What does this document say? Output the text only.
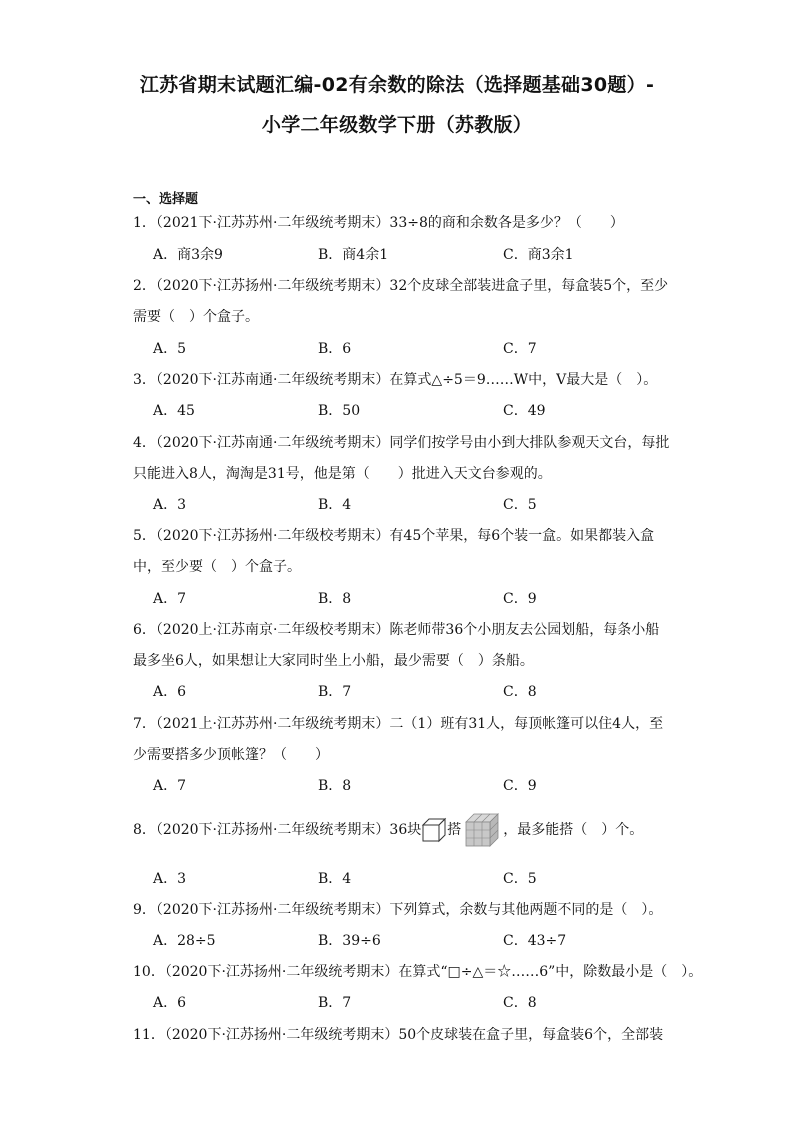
江苏省期末试题汇编-02有余数的除法（选择题基础30题）-
小学二年级数学下册（苏教版）
一、选择题
1．（2021下·江苏苏州·二年级统考期末）33÷8的商和余数各是多少？（　　）
A．商3余9	B．商4余1	C．商3余1
2．（2020下·江苏扬州·二年级统考期末）32个皮球全部装进盒子里，每盒装5个，至少
需要（　）个盒子。
A．5	B．6	C．7
3．（2020下·江苏南通·二年级统考期末）在算式△÷5＝9……W中，V最大是（　）。
A．45	B．50	C．49
4．（2020下·江苏南通·二年级统考期末）同学们按学号由小到大排队参观天文台，每批
只能进入8人，淘淘是31号，他是第（　　）批进入天文台参观的。
A．3	B．4	C．5
5．（2020下·江苏扬州·二年级校考期末）有45个苹果，每6个装一盒。如果都装入盒
中，至少要（　）个盒子。
A．7	B．8	C．9
6．（2020上·江苏南京·二年级校考期末）陈老师带36个小朋友去公园划船，每条小船
最多坐6人，如果想让大家同时坐上小船，最少需要（　）条船。
A．6	B．7	C．8
7．（2021上·江苏苏州·二年级统考期末）二（1）班有31人，每顶帐篷可以住4人，至
少需要搭多少顶帐篷？（　　）
A．7	B．8	C．9
8．（2020下·江苏扬州·二年级统考期末）36块 搭	，最多能搭（　）个。
A．3	B．4	C．5
9．（2020下·江苏扬州·二年级统考期末）下列算式，余数与其他两题不同的是（　）。
A．28÷5	B．39÷6	C．43÷7
10．（2020下·江苏扬州·二年级统考期末）在算式“□÷△＝☆……6”中，除数最小是（　）。
A．6	B．7	C．8
11．（2020下·江苏扬州·二年级统考期末）50个皮球装在盒子里，每盒装6个，全部装
